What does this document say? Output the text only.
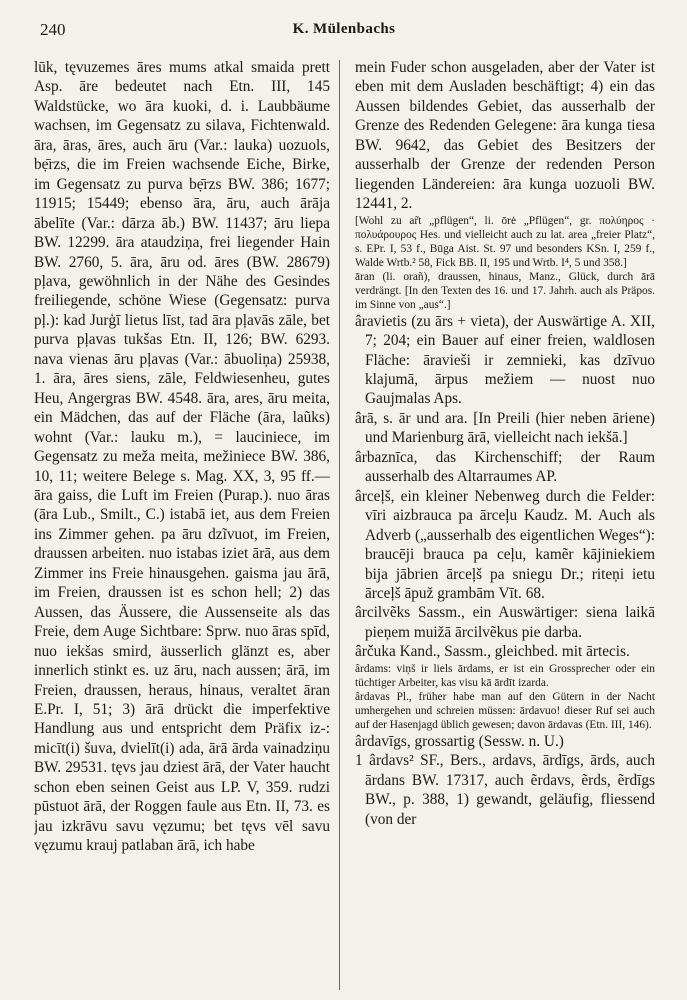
240	K. Mülenbachs

lūk, tęvuzemes āres mums atkal smaida prett Asp. āre bedeutet nach Etn. III, 145 Waldstücke, wo āra kuoki, d. i. Laubbäume wachsen, im Gegensatz zu silava, Fichtenwald. āra, āras, āres, auch āru (Var.: lauka) uozuols, bẹ̄rzs, die im Freien wachsende Eiche, Birke, im Gegensatz zu purva bẹ̄rzs BW. 386; 1677; 11915; 15449; ebenso āra, āru, auch ārāja ābelīte (Var.: dārza āb.) BW. 11437; āru liepa BW. 12299. āra ataudziņa, frei liegender Hain BW. 2760, 5. āra, āru od. āres (BW. 28679) pļava, gewöhnlich in der Nähe des Gesindes freiliegende, schöne Wiese (Gegensatz: purva pļ.): kad Jurģī lietus līst, tad āra pļavās zāle, bet purva pļavas tukšas Etn. II, 126; BW. 6293. nava vienas āru pļavas (Var.: ābuoliņa) 25938, 1. āra, āres siens, zāle, Feldwiesenheu, gutes Heu, Angergras BW. 4548. āra, ares, āru meita, ein Mädchen, das auf der Fläche (āra, laũks) wohnt (Var.: lauku m.), = lauciniece, im Gegensatz zu meža meita, mežiniece BW. 386, 10, 11; weitere Belege s. Mag. XX, 3, 95 ff.—āra gaiss, die Luft im Freien (Purap.). nuo āras (āra Lub., Smilt., C.) istabā iet, aus dem Freien ins Zimmer gehen. pa āru dzĩvuot, im Freien, draussen arbeiten. nuo istabas iziet ārā, aus dem Zimmer ins Freie hinausgehen. gaisma jau ārā, im Freien, draussen ist es schon hell; 2) das Aussen, das Äussere, die Aussenseite als das Freie, dem Auge Sichtbare: Sprw. nuo āras spīd, nuo iekšas smird, äusserlich glänzt es, aber innerlich stinkt es. uz āru, nach aussen; ārā, im Freien, draussen, heraus, hinaus, veraltet āran E.Pr. I, 51; 3) ārā drückt die imperfektive Handlung aus und entspricht dem Präfix iz-: micīt(i) šuva, dvielīt(i) ada, ārā ārda vainadziņu BW. 29531. tęvs jau dziest ārā, der Vater haucht schon eben seinen Geist aus LP. V, 359. rudzi pūstuot ārā, der Roggen faule aus Etn. II, 73. es jau izkrāvu savu vęzumu; bet tęvs vēl savu vęzumu krauj patlaban ārā, ich habe

mein Fuder schon ausgeladen, aber der Vater ist eben mit dem Ausladen beschäftigt; 4) ein das Aussen bildendes Gebiet, das ausserhalb der Grenze des Redenden Gelegene: āra kunga tiesa BW. 9642, das Gebiet des Besitzers der ausserhalb der Grenze der redenden Person liegenden Ländereien: āra kunga uozuoli BW. 12441, 2.

[Wohl zu ar̃t „pflügen“, li. ōrė „Pflügen“, gr. πολύηρος · πολυάρουρος Hes. und vielleicht auch zu lat. area „freier Platz“, s. EPr. I, 53 f., Būga Aist. St. 97 und besonders KSn. I, 259 f., Walde Wrtb.² 58, Fick BB. II, 195 und Wrtb. I⁴, 5 und 358.]

āran (li. orañ), draussen, hinaus, Manz., Glück, durch ārā verdrängt. [In den Texten des 16. und 17. Jahrh. auch als Präpos. im Sinne von „aus“.]

âravietis (zu ārs + vieta), der Auswärtige A. XII, 7; 204; ein Bauer auf einer freien, waldlosen Fläche: āravieši ir zemnieki, kas dzīvuo klajumā, ārpus mežiem — nuost nuo Gaujmalas Aps.

ârā, s. ār und ara. [In Preili (hier neben āriene) und Marienburg ārā, vielleicht nach iekšā.]

ârbaznīca, das Kirchenschiff; der Raum ausserhalb des Altarraumes AP.

ârceļš, ein kleiner Nebenweg durch die Felder: vīri aizbrauca pa ārceļu Kaudz. M. Auch als Adverb („ausserhalb des eigentlichen Weges“): braucēji brauca pa ceļu, kamẽr kājiniekiem bija jābrien ārceļš pa sniegu Dr.; riteņi ietu ārceļš āpuž grambām Vīt. 68.

ârcilvẽks Sassm., ein Auswärtiger: siena laikā pieņem muižā ārcilvẽkus pie darba.

ârčuka Kand., Sassm., gleichbed. mit ārtecis.

ârdams: viņš ir liels ārdams, er ist ein Grossprecher oder ein tüchtiger Arbeiter, kas visu kā ārdīt izarda.

ârdavas Pl., früher habe man auf den Gütern in der Nacht umhergehen und schreien müssen: ārdavuo! dieser Ruf sei auch auf der Hasenjagd üblich gewesen; davon ārdavas (Etn. III, 146).

ârdavīgs, grossartig (Sessw. n. U.)

1 ârdavs² SF., Bers., ardavs, ārdīgs, ārds, auch ārdans BW. 17317, auch ẽrdavs, ẽrds, ẽrdīgs BW., p. 388, 1) gewandt, geläufig, fliessend (von der
